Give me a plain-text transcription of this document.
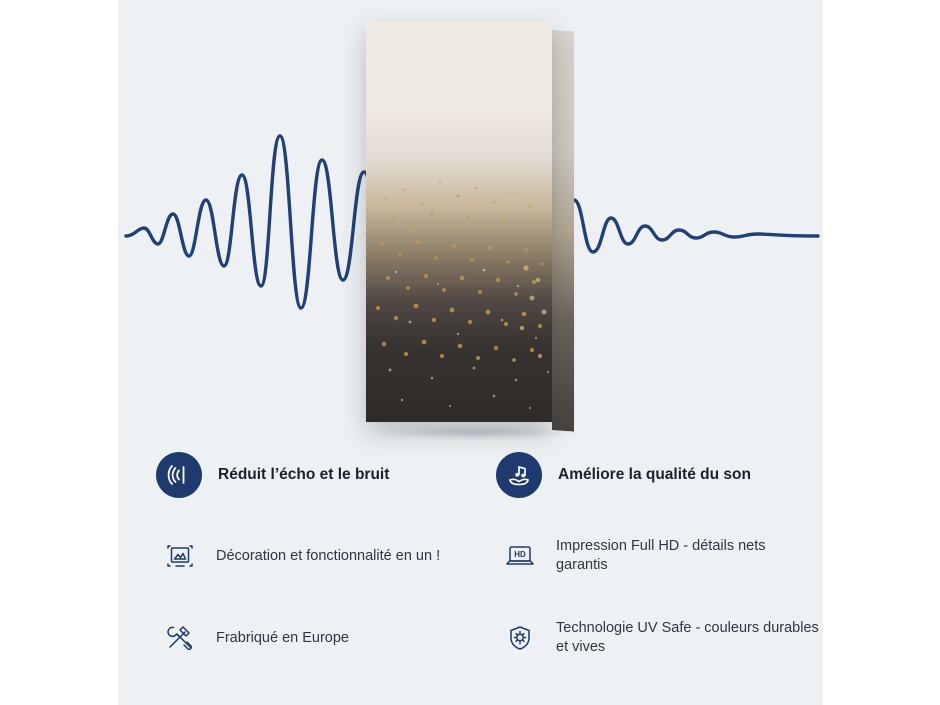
Réduit l’écho et le bruit	Améliore la qualité du son
Décoration et fonctionnalité en un !	HD
Impression Full HD - détails nets garantis
Frabriqué en Europe
Technologie UV Safe - couleurs durables et vives
